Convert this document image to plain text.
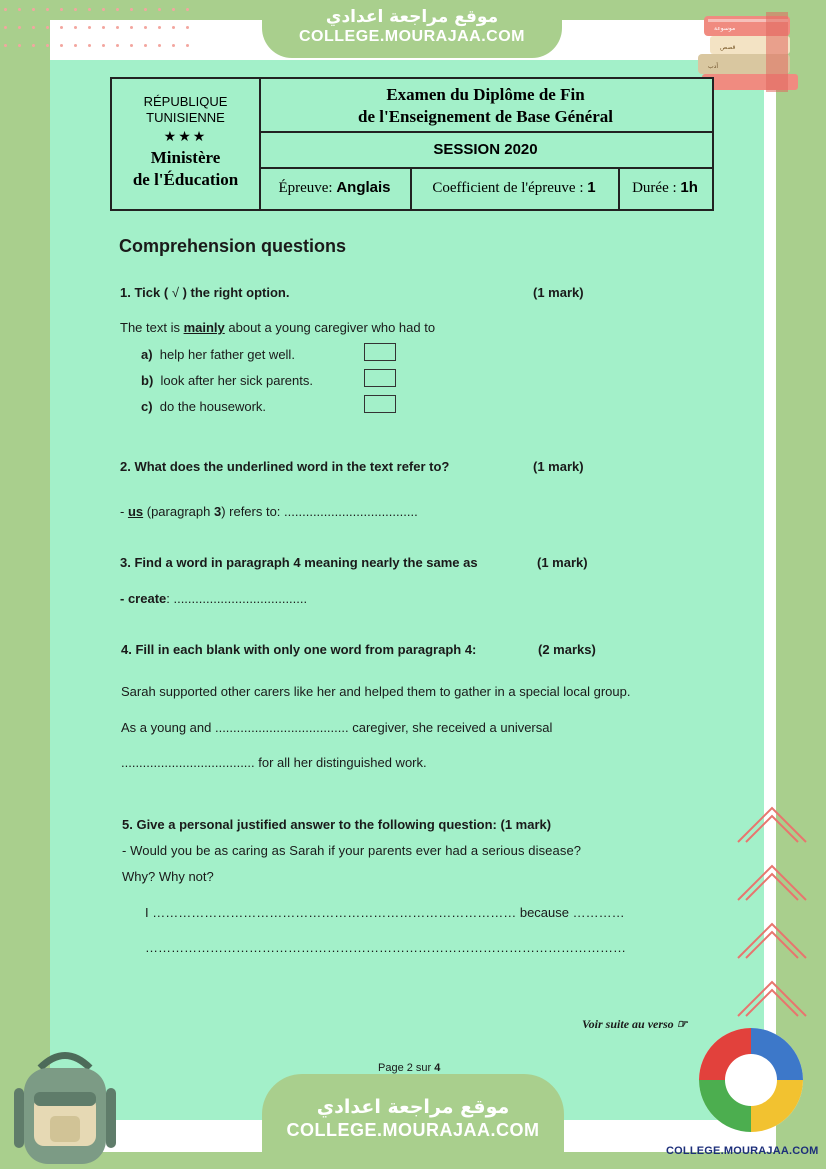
موقع مراجعة اعدادي
COLLEGE.MOURAJAA.COM	موسوعة
قصص
أدب
RÉPUBLIQUE
TUNISIENNE
★★★
Ministère
de l'Éducation
Examen du Diplôme de Fin
de l'Enseignement de Base Général
SESSION 2020
Épreuve: Anglais	Coefficient de l'épreuve : 1	Durée : 1h
Comprehension questions
1. Tick ( √ ) the right option.	(1 mark)
The text is mainly about a young caregiver who had to
a) help her father get well.
b) look after her sick parents.
c) do the housework.
2. What does the underlined word in the text refer to?	(1 mark)
- us (paragraph 3) refers to: .....................................
3. Find a word in paragraph 4 meaning nearly the same as	(1 mark)
- create: .....................................
4. Fill in each blank with only one word from paragraph 4:	(2 marks)
Sarah supported other carers like her and helped them to gather in a special local group.
As a young and ..................................... caregiver, she received a universal
..................................... for all her distinguished work.
5. Give a personal justified answer to the following question: (1 mark)
- Would you be as caring as Sarah if your parents ever had a serious disease?
Why? Why not?
I ………………………………………………………………………… because …………
…………………………………………………………………………………………………
Voir suite au verso ☞
Page 2 sur 4
موقع مراجعة اعدادي
COLLEGE.MOURAJAA.COM
COLLEGE.MOURAJAA.COM
